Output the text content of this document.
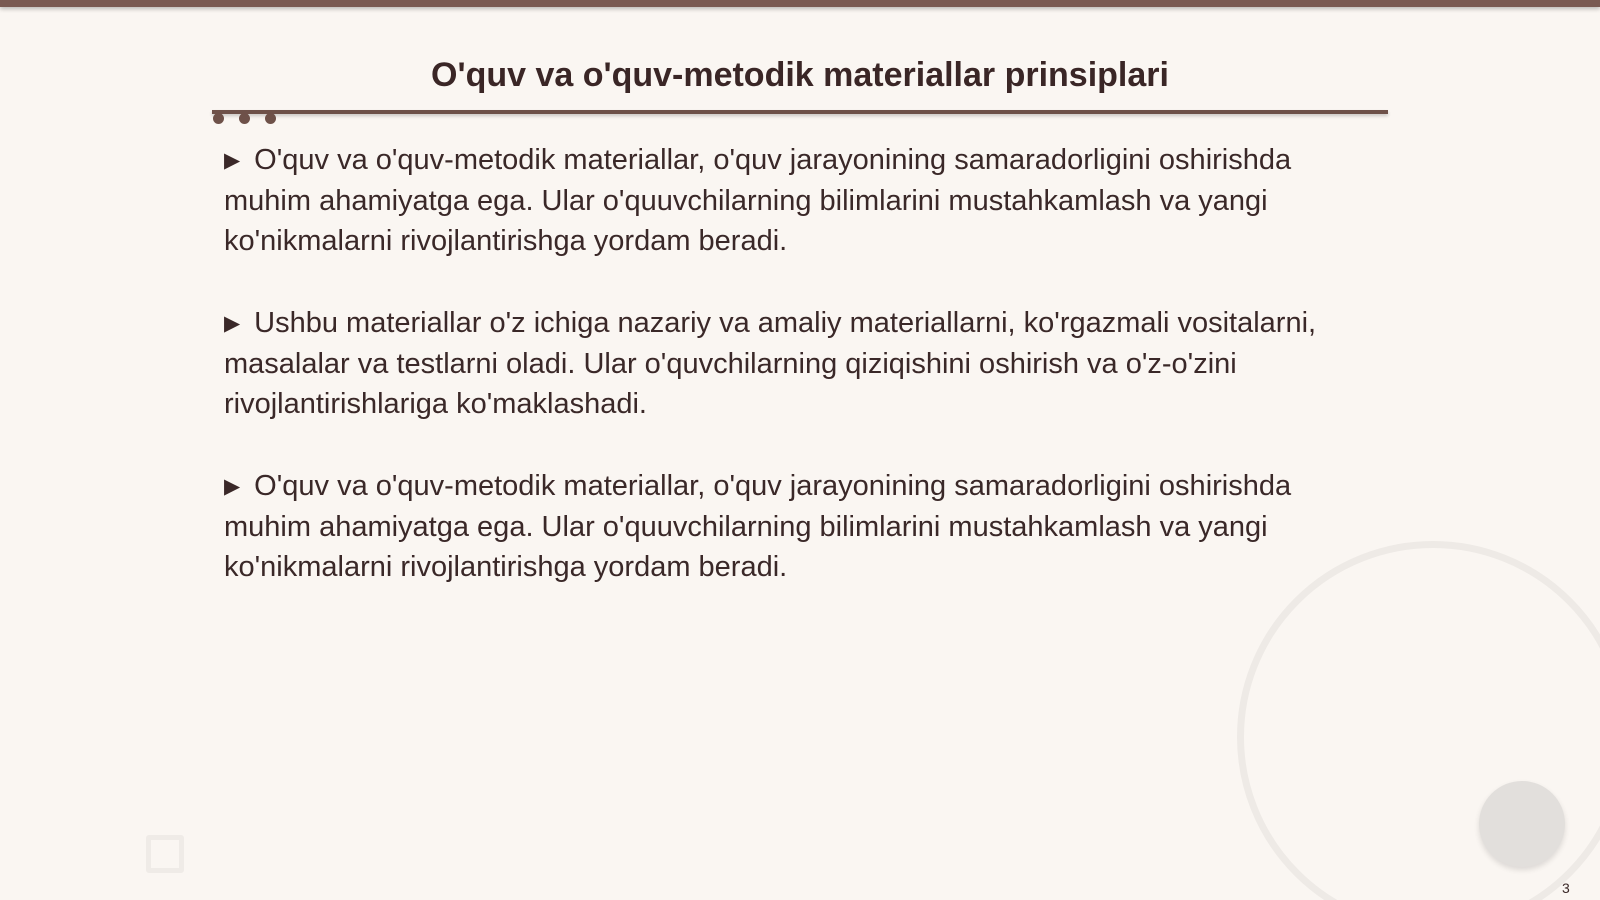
O'quv va o'quv-metodik materiallar prinsiplari

▶ O'quv va o'quv-metodik materiallar, o'quv jarayonining samaradorligini oshirishda muhim ahamiyatga ega. Ular o'quuvchilarning bilimlarini mustahkamlash va yangi ko'nikmalarni rivojlantirishga yordam beradi.

▶ Ushbu materiallar o'z ichiga nazariy va amaliy materiallarni, ko'rgazmali vositalarni, masalalar va testlarni oladi. Ular o'quvchilarning qiziqishini oshirish va o'z-o'zini rivojlantirishlariga ko'maklashadi.

▶ O'quv va o'quv-metodik materiallar, o'quv jarayonining samaradorligini oshirishda muhim ahamiyatga ega. Ular o'quuvchilarning bilimlarini mustahkamlash va yangi ko'nikmalarni rivojlantirishga yordam beradi.

3
